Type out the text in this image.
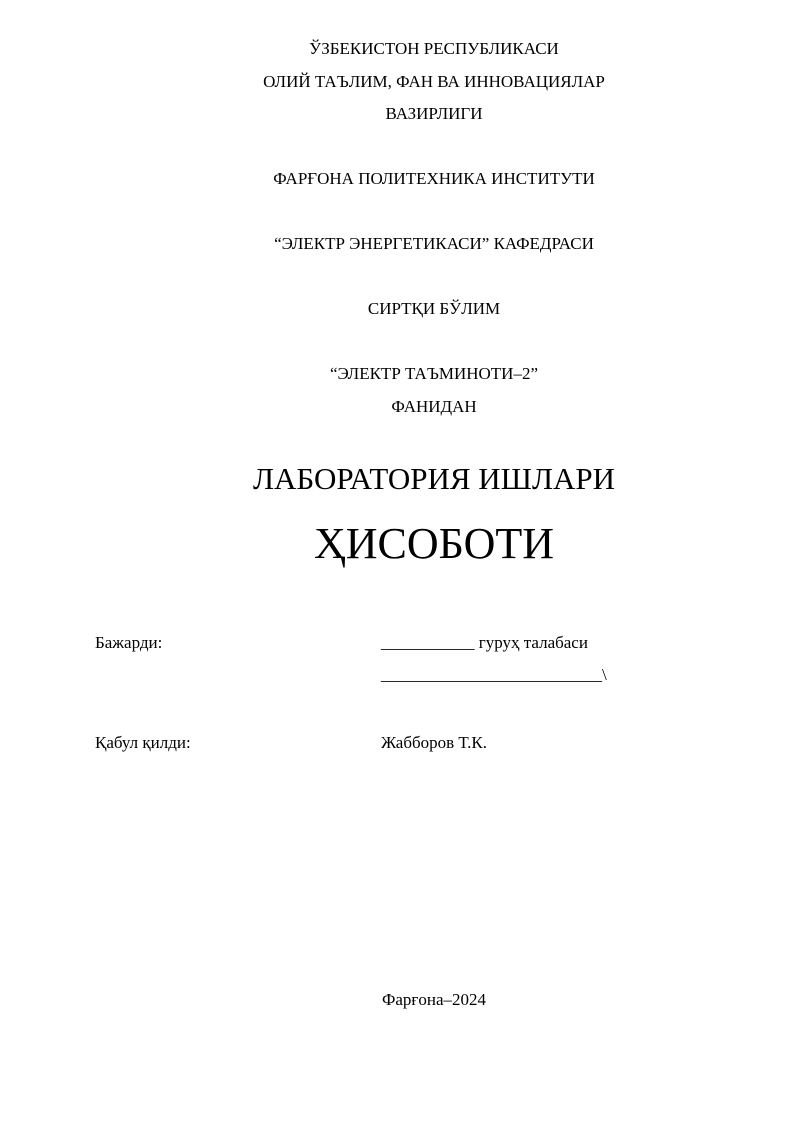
ЎЗБЕКИСТОН РЕСПУБЛИКАСИ
ОЛИЙ ТАЪЛИМ, ФАН ВА ИННОВАЦИЯЛАР
ВАЗИРЛИГИ
ФАРҒОНА ПОЛИТЕХНИКА ИНСТИТУТИ
“ЭЛЕКТР ЭНЕРГЕТИКАСИ” КАФЕДРАСИ
СИРТҚИ БЎЛИМ
“ЭЛЕКТР ТАЪМИНОТИ–2”
ФАНИДАН
ЛАБОРАТОРИЯ ИШЛАРИ
ҲИСОБОТИ
Бажарди:	___________ гуруҳ талабаси
__________________________\
Қабул қилди:	Жабборов Т.К.
Фарғона–2024
